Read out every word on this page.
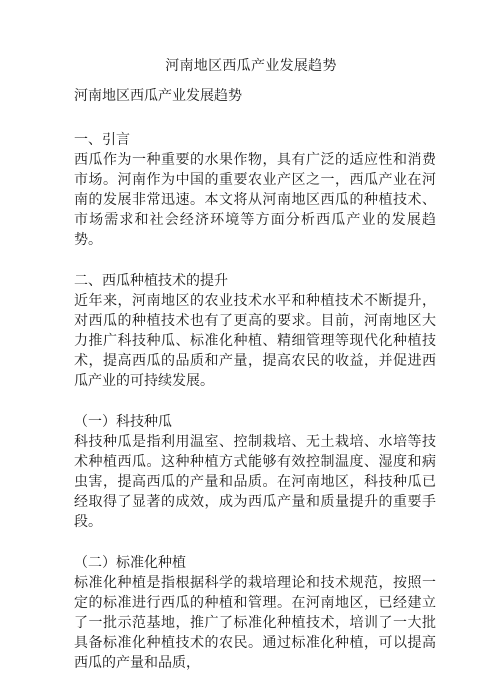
河南地区西瓜产业发展趋势
河南地区西瓜产业发展趋势
一、引言
西瓜作为一种重要的水果作物，具有广泛的适应性和消费市场。河南作为中国的重要农业产区之一，西瓜产业在河南的发展非常迅速。本文将从河南地区西瓜的种植技术、市场需求和社会经济环境等方面分析西瓜产业的发展趋势。
二、西瓜种植技术的提升
近年来，河南地区的农业技术水平和种植技术不断提升，对西瓜的种植技术也有了更高的要求。目前，河南地区大力推广科技种瓜、标准化种植、精细管理等现代化种植技术，提高西瓜的品质和产量，提高农民的收益，并促进西瓜产业的可持续发展。
（一）科技种瓜
科技种瓜是指利用温室、控制栽培、无土栽培、水培等技术种植西瓜。这种种植方式能够有效控制温度、湿度和病虫害，提高西瓜的产量和品质。在河南地区，科技种瓜已经取得了显著的成效，成为西瓜产量和质量提升的重要手段。
（二）标准化种植
标准化种植是指根据科学的栽培理论和技术规范，按照一定的标准进行西瓜的种植和管理。在河南地区，已经建立了一批示范基地，推广了标准化种植技术，培训了一大批具备标准化种植技术的农民。通过标准化种植，可以提高西瓜的产量和品质，
